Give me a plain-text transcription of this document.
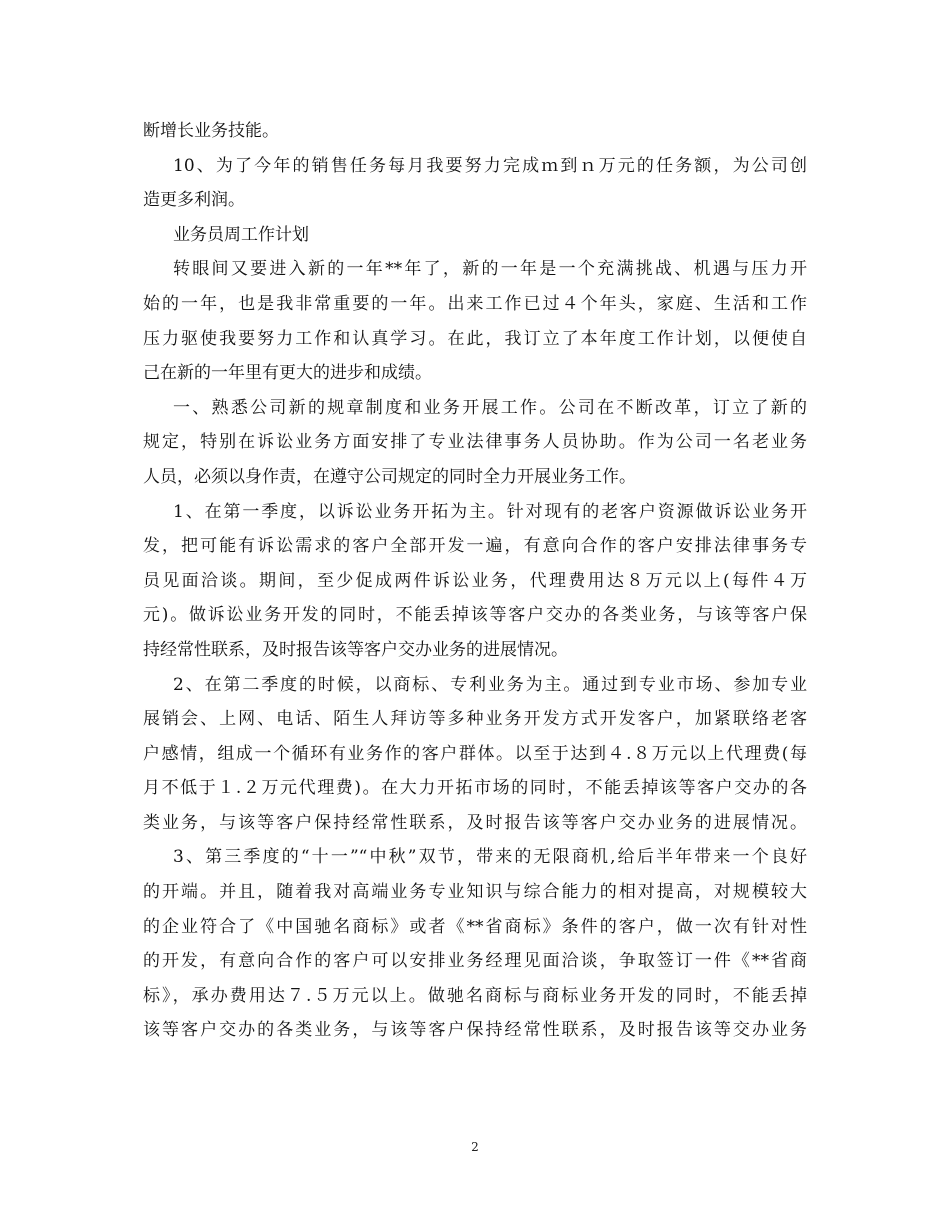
断增长业务技能。
10、为了今年的销售任务每月我要努力完成ｍ到ｎ万元的任务额，为公司创
造更多利润。
业务员周工作计划
转眼间又要进入新的一年**年了，新的一年是一个充满挑战、机遇与压力开
始的一年，也是我非常重要的一年。出来工作已过４个年头，家庭、生活和工作
压力驱使我要努力工作和认真学习。在此，我订立了本年度工作计划，以便使自
己在新的一年里有更大的进步和成绩。
一、熟悉公司新的规章制度和业务开展工作。公司在不断改革，订立了新的
规定，特别在诉讼业务方面安排了专业法律事务人员协助。作为公司一名老业务
人员，必须以身作责，在遵守公司规定的同时全力开展业务工作。
1、在第一季度，以诉讼业务开拓为主。针对现有的老客户资源做诉讼业务开
发，把可能有诉讼需求的客户全部开发一遍，有意向合作的客户安排法律事务专
员见面洽谈。期间，至少促成两件诉讼业务，代理费用达８万元以上(每件４万
元)。做诉讼业务开发的同时，不能丢掉该等客户交办的各类业务，与该等客户保
持经常性联系，及时报告该等客户交办业务的进展情况。
2、在第二季度的时候，以商标、专利业务为主。通过到专业市场、参加专业
展销会、上网、电话、陌生人拜访等多种业务开发方式开发客户，加紧联络老客
户感情，组成一个循环有业务作的客户群体。以至于达到４.８万元以上代理费(每
月不低于１.２万元代理费)。在大力开拓市场的同时，不能丢掉该等客户交办的各
类业务，与该等客户保持经常性联系，及时报告该等客户交办业务的进展情况。
3、第三季度的“十一”“中秋”双节，带来的无限商机,给后半年带来一个良好
的开端。并且，随着我对高端业务专业知识与综合能力的相对提高，对规模较大
的企业符合了《中国驰名商标》或者《**省商标》条件的客户，做一次有针对性
的开发，有意向合作的客户可以安排业务经理见面洽谈，争取签订一件《**省商
标》，承办费用达７.５万元以上。做驰名商标与商标业务开发的同时，不能丢掉
该等客户交办的各类业务，与该等客户保持经常性联系，及时报告该等交办业务
2
